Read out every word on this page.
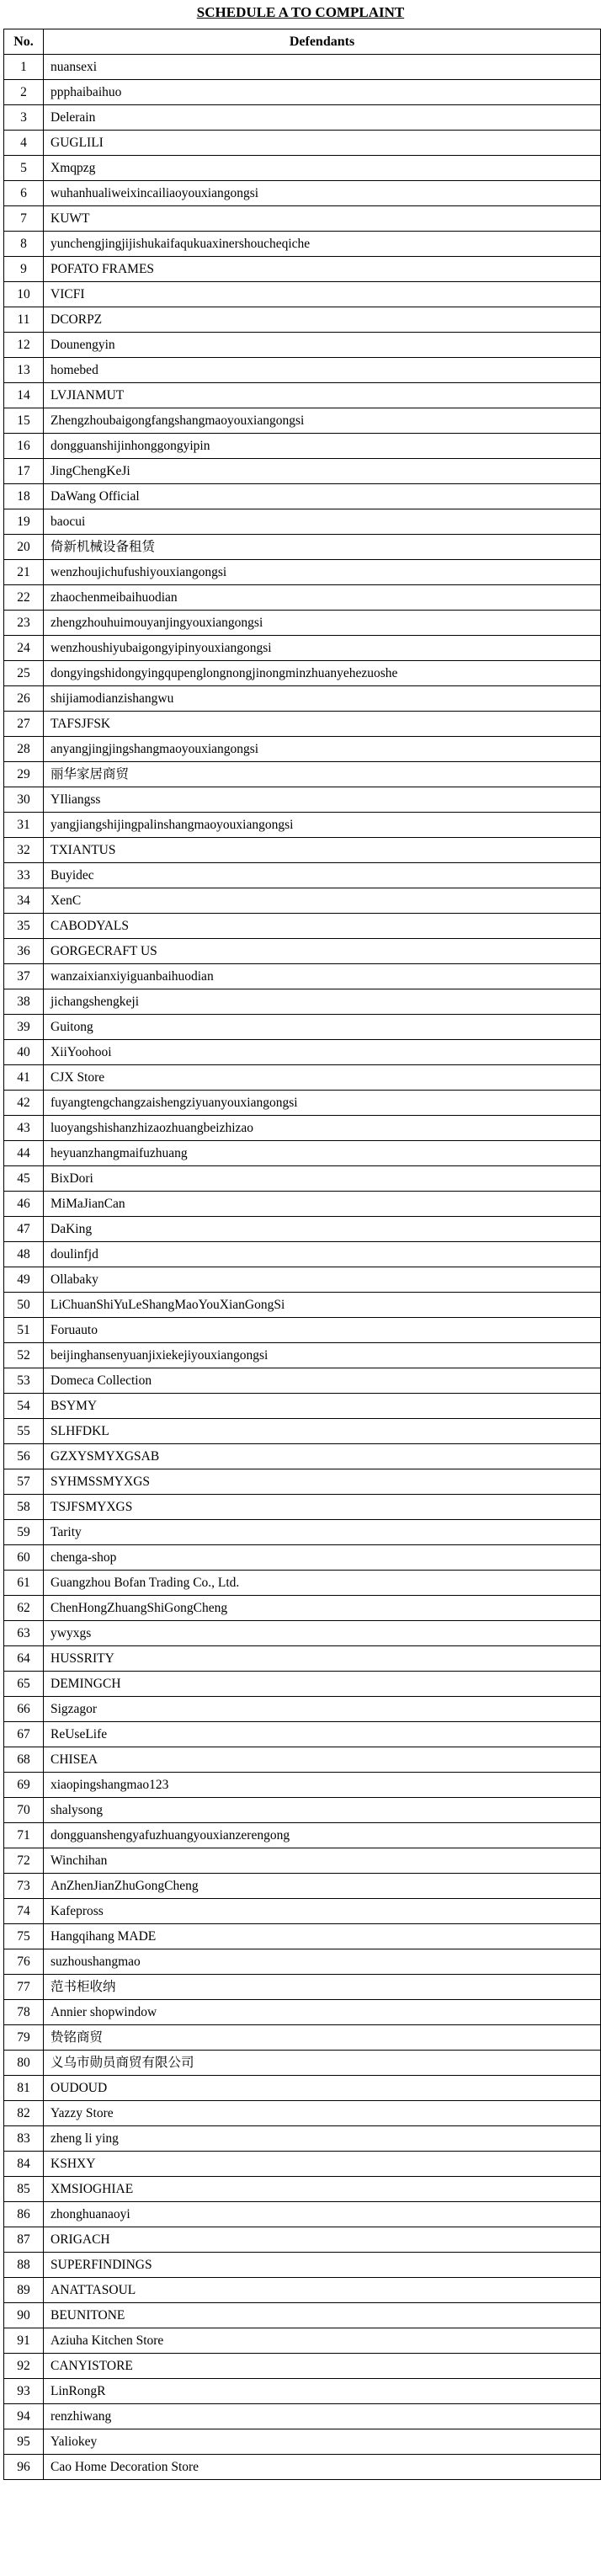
SCHEDULE A TO COMPLAINT
No.	Defendants
1	nuansexi
2	ppphaibaihuo
3	Delerain
4	GUGLILI
5	Xmqpzg
6	wuhanhualiweixincailiaoyouxiangongsi
7	KUWT
8	yunchengjingjijishukaifaqukuaxinershoucheqiche
9	POFATO FRAMES
10	VICFI
11	DCORPZ
12	Dounengyin
13	homebed
14	LVJIANMUT
15	Zhengzhoubaigongfangshangmaoyouxiangongsi
16	dongguanshijinhonggongyipin
17	JingChengKeJi
18	DaWang Official
19	baocui
20	倚新机械设备租赁
21	wenzhoujichufushiyouxiangongsi
22	zhaochenmeibaihuodian
23	zhengzhouhuimouyanjingyouxiangongsi
24	wenzhoushiyubaigongyipinyouxiangongsi
25	dongyingshidongyingqupenglongnongjinongminzhuanyehezuoshe
26	shijiamodianzishangwu
27	TAFSJFSK
28	anyangjingjingshangmaoyouxiangongsi
29	丽华家居商贸
30	YIliangss
31	yangjiangshijingpalinshangmaoyouxiangongsi
32	TXIANTUS
33	Buyidec
34	XenC
35	CABODYALS
36	GORGECRAFT US
37	wanzaixianxiyiguanbaihuodian
38	jichangshengkeji
39	Guitong
40	XiiYoohooi
41	CJX Store
42	fuyangtengchangzaishengziyuanyouxiangongsi
43	luoyangshishanzhizaozhuangbeizhizao
44	heyuanzhangmaifuzhuang
45	BixDori
46	MiMaJianCan
47	DaKing
48	doulinfjd
49	Ollabaky
50	LiChuanShiYuLeShangMaoYouXianGongSi
51	Foruauto
52	beijinghansenyuanjixiekejiyouxiangongsi
53	Domeca Collection
54	BSYMY
55	SLHFDKL
56	GZXYSMYXGSAB
57	SYHMSSMYXGS
58	TSJFSMYXGS
59	Tarity
60	chenga-shop
61	Guangzhou Bofan Trading Co., Ltd.
62	ChenHongZhuangShiGongCheng
63	ywyxgs
64	HUSSRITY
65	DEMINGCH
66	Sigzagor
67	ReUseLife
68	CHISEA
69	xiaopingshangmao123
70	shalysong
71	dongguanshengyafuzhuangyouxianzerengong
72	Winchihan
73	AnZhenJianZhuGongCheng
74	Kafepross
75	Hangqihang MADE
76	suzhoushangmao
77	范书柜收纳
78	Annier shopwindow
79	贽铭商贸
80	义乌市勋员商贸有限公司
81	OUDOUD
82	Yazzy Store
83	zheng li ying
84	KSHXY
85	XMSIOGHIAE
86	zhonghuanaoyi
87	ORIGACH
88	SUPERFINDINGS
89	ANATTASOUL
90	BEUNITONE
91	Aziuha Kitchen Store
92	CANYISTORE
93	LinRongR
94	renzhiwang
95	Yaliokey
96	Cao Home Decoration Store
